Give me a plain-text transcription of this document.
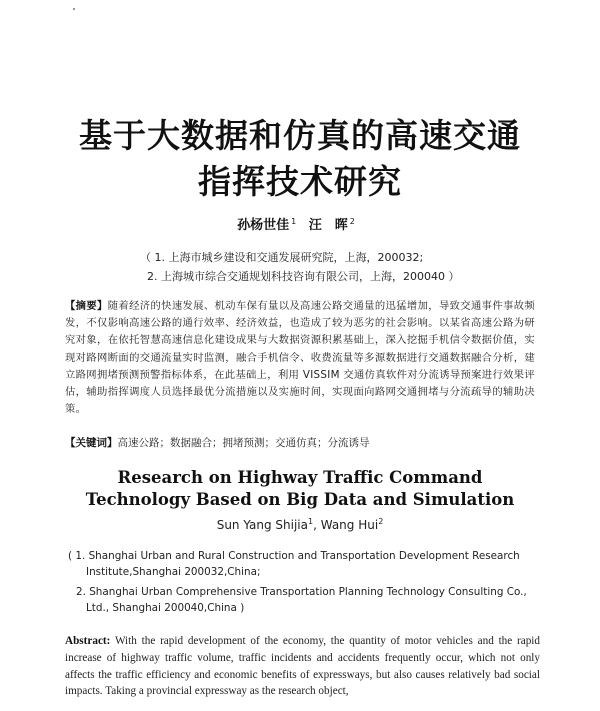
基于大数据和仿真的高速交通
指挥技术研究
孙杨世佳 $^1$ 汪　晖 $^2$
（ 1. 上海市城乡建设和交通发展研究院，上海，200032;
2. 上海城市综合交通规划科技咨询有限公司，上海，200040 ）
【摘要】随着经济的快速发展、机动车保有量以及高速公路交通量的迅猛增加，导致交通事件事故频发，不仅影响高速公路的通行效率、经济效益，也造成了较为恶劣的社会影响。以某省高速公路为研究对象，在依托智慧高速信息化建设成果与大数据资源积累基础上，深入挖掘手机信令数据价值，实现对路网断面的交通流量实时监测，融合手机信令、收费流量等多源数据进行交通数据融合分析，建立路网拥堵预测预警指标体系，在此基础上，利用 VISSIM 交通仿真软件对分流诱导预案进行效果评估，辅助指挥调度人员选择最优分流措施以及实施时间，实现面向路网交通拥堵与分流疏导的辅助决策。
【关键词】高速公路；数据融合；拥堵预测；交通仿真；分流诱导
Research on Highway Traffic Command
Technology Based on Big Data and Simulation
Sun Yang Shijia$^1$, Wang Hui$^2$
( 1. Shanghai Urban and Rural Construction and Transportation Development Research
Institute,Shanghai 200032,China;
2. Shanghai Urban Comprehensive Transportation Planning Technology Consulting Co.,
Ltd., Shanghai 200040,China )
Abstract: With the rapid development of the economy, the quantity of motor vehicles and the rapid increase of highway traffic volume, traffic incidents and accidents frequently occur, which not only affects the traffic efficiency and economic benefits of expressways, but also causes relatively bad social impacts. Taking a provincial expressway as the research object,
